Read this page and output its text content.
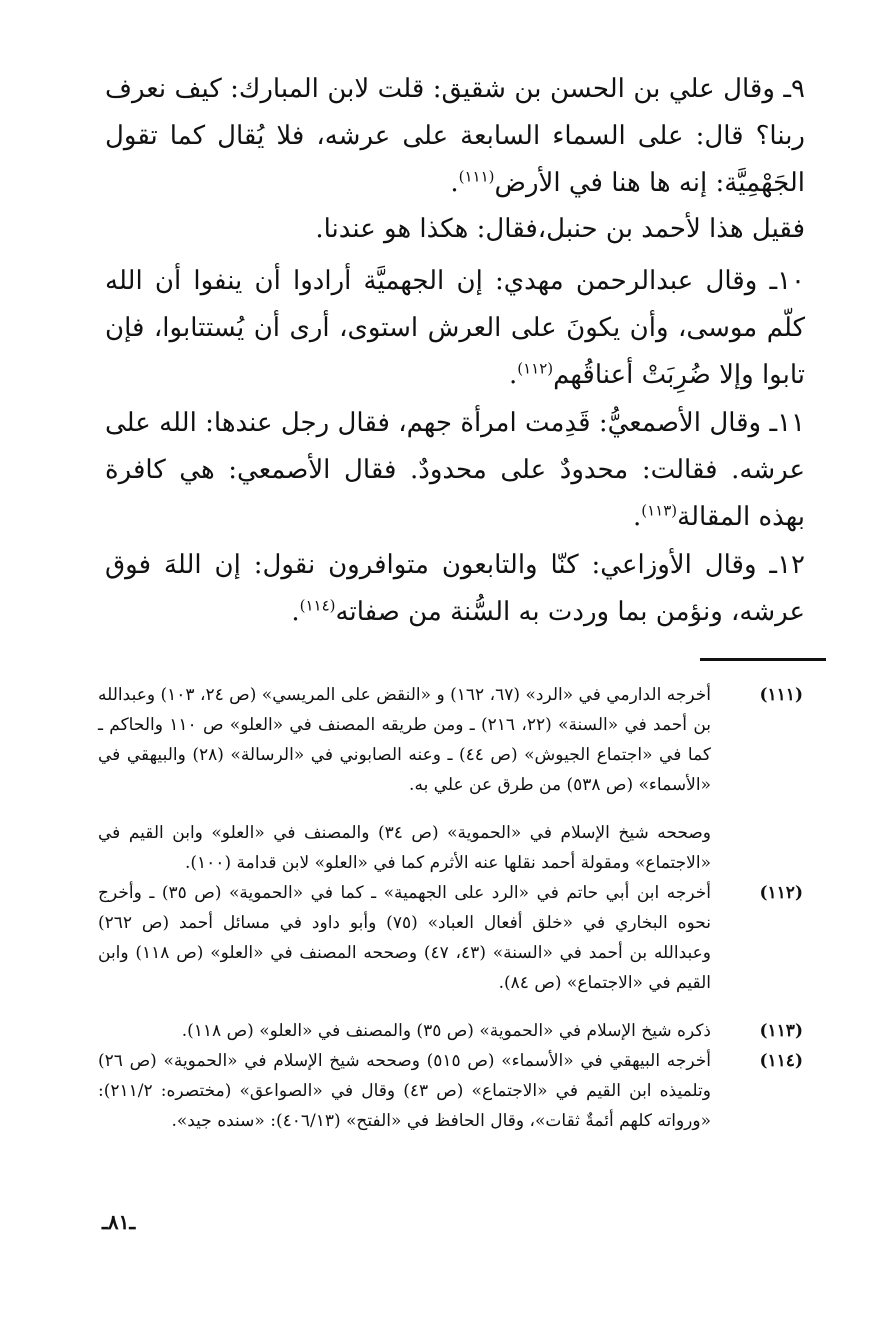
٩ـ وقال علي بن الحسن بن شقيق: قلت لابن المبارك: كيف نعرف ربنا؟ قال: على السماء السابعة على عرشه، فلا يُقال كما تقول الجَهْمِيَّة: إنه ها هنا في الأرض$^{(١١١)}$.

فقيل هذا لأحمد بن حنبل،فقال: هكذا هو عندنا.

١٠ـ وقال عبدالرحمن مهدي: إن الجهميَّة أرادوا أن ينفوا أن الله كلّم موسى، وأن يكونَ على العرش استوى، أرى أن يُستتابوا، فإن تابوا وإلا ضُرِبَتْ أعناقُهم$^{(١١٢)}$.

١١ـ وقال الأصمعيُّ: قَدِمت امرأة جهم، فقال رجل عندها: الله على عرشه. فقالت: محدودٌ على محدودٌ. فقال الأصمعي: هي كافرة بهذه المقالة$^{(١١٣)}$.

١٢ـ وقال الأوزاعي: كنّا والتابعون متوافرون نقول: إن اللهَ فوق عرشه، ونؤمن بما وردت به السُّنة من صفاته$^{(١١٤)}$.

(١١١)
أخرجه الدارمي في «الرد» (٦٧، ١٦٢) و «النقض على المريسي» (ص ٢٤، ١٠٣) وعبدالله بن أحمد في «السنة» (٢٢، ٢١٦) ـ ومن طريقه المصنف في «العلو» ص ١١٠ والحاكم ـ كما في «اجتماع الجيوش» (ص ٤٤) ـ وعنه الصابوني في «الرسالة» (٢٨) والبيهقي في «الأسماء» (ص ٥٣٨) من طرق عن علي به.

وصححه شيخ الإسلام في «الحموية» (ص ٣٤) والمصنف في «العلو» وابن القيم في «الاجتماع» ومقولة أحمد نقلها عنه الأثرم كما في «العلو» لابن قدامة (١٠٠).

(١١٢)
أخرجه ابن أبي حاتم في «الرد على الجهمية» ـ كما في «الحموية» (ص ٣٥) ـ وأخرج نحوه البخاري في «خلق أفعال العباد» (٧٥) وأبو داود في مسائل أحمد (ص ٢٦٢) وعبدالله بن أحمد في «السنة» (٤٣، ٤٧) وصححه المصنف في «العلو» (ص ١١٨) وابن القيم في «الاجتماع» (ص ٨٤).

(١١٣)
ذكره شيخ الإسلام في «الحموية» (ص ٣٥) والمصنف في «العلو» (ص ١١٨).

(١١٤)
أخرجه البيهقي في «الأسماء» (ص ٥١٥) وصححه شيخ الإسلام في «الحموية» (ص ٢٦) وتلميذه ابن القيم في «الاجتماع» (ص ٤٣) وقال في «الصواعق» (مختصره: ٢١١/٢): «ورواته كلهم أئمةٌ ثقات»، وقال الحافظ في «الفتح» (٤٠٦/١٣): «سنده جيد».

ـ٨١ـ
